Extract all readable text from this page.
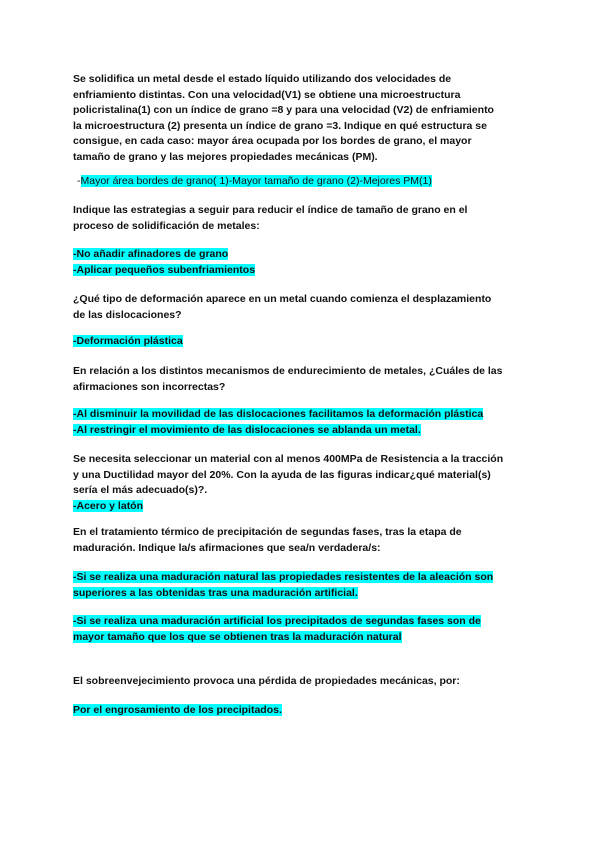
Se solidifica un metal desde el estado líquido utilizando dos velocidades de
enfriamiento distintas. Con una velocidad(V1) se obtiene una microestructura
policristalina(1) con un índice de grano =8 y para una velocidad (V2) de enfriamiento
la microestructura (2) presenta un índice de grano =3. Indique en qué estructura se
consigue, en cada caso: mayor área ocupada por los bordes de grano, el mayor
tamaño de grano y las mejores propiedades mecánicas (PM).
-Mayor área bordes de grano( 1)-Mayor tamaño de grano (2)-Mejores PM(1)
Indique las estrategias a seguir para reducir el índice de tamaño de grano en el
proceso de solidificación de metales:
-No añadir afinadores de grano
-Aplicar pequeños subenfriamientos
¿Qué tipo de deformación aparece en un metal cuando comienza el desplazamiento
de las dislocaciones?
-Deformación plástica
En relación a los distintos mecanismos de endurecimiento de metales, ¿Cuáles de las
afirmaciones son incorrectas?
-Al disminuir la movilidad de las dislocaciones facilitamos la deformación plástica
-Al restringir el movimiento de las dislocaciones se ablanda un metal.
Se necesita seleccionar un material con al menos 400MPa de Resistencia a la tracción
y una Ductilidad mayor del 20%. Con la ayuda de las figuras indicar¿qué material(s)
sería el más adecuado(s)?.
-Acero y latón
En el tratamiento térmico de precipitación de segundas fases, tras la etapa de
maduración. Indique la/s afirmaciones que sea/n verdadera/s:
-Si se realiza una maduración natural las propiedades resistentes de la aleación son
superiores a las obtenidas tras una maduración artificial.
-Si se realiza una maduración artificial los precipitados de segundas fases son de
mayor tamaño que los que se obtienen tras la maduración natural
El sobreenvejecimiento provoca una pérdida de propiedades mecánicas, por:
Por el engrosamiento de los precipitados.
